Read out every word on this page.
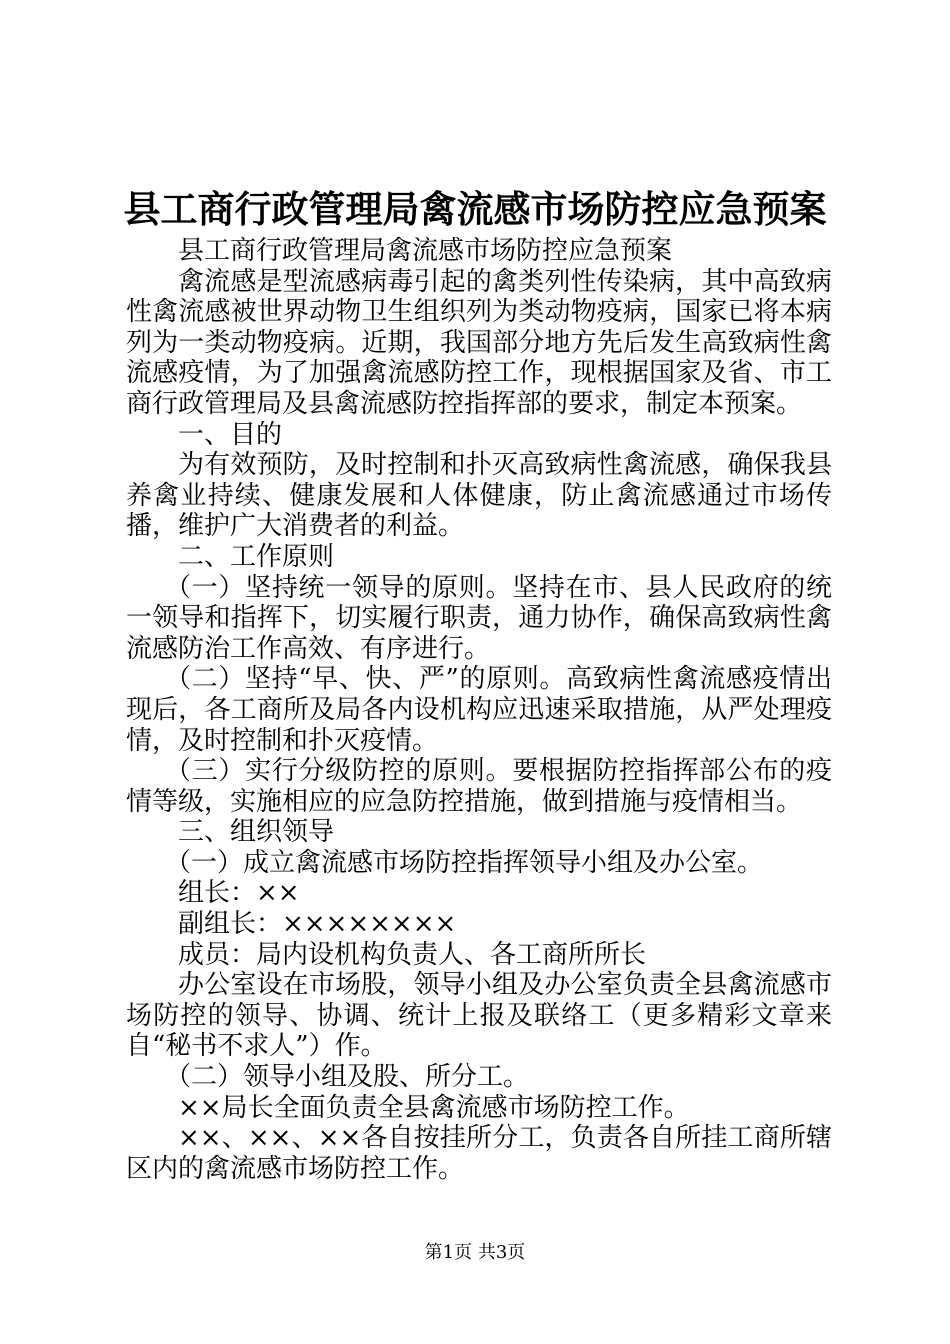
县工商行政管理局禽流感市场防控应急预案

县工商行政管理局禽流感市场防控应急预案

禽流感是型流感病毒引起的禽类列性传染病，其中高致病性禽流感被世界动物卫生组织列为类动物疫病，国家已将本病列为一类动物疫病。近期，我国部分地方先后发生高致病性禽流感疫情，为了加强禽流感防控工作，现根据国家及省、市工商行政管理局及县禽流感防控指挥部的要求，制定本预案。

一、目的

为有效预防，及时控制和扑灭高致病性禽流感，确保我县养禽业持续、健康发展和人体健康，防止禽流感通过市场传播，维护广大消费者的利益。

二、工作原则

（一）坚持统一领导的原则。坚持在市、县人民政府的统一领导和指挥下，切实履行职责，通力协作，确保高致病性禽流感防治工作高效、有序进行。

（二）坚持“早、快、严”的原则。高致病性禽流感疫情出现后，各工商所及局各内设机构应迅速采取措施，从严处理疫情，及时控制和扑灭疫情。

（三）实行分级防控的原则。要根据防控指挥部公布的疫情等级，实施相应的应急防控措施，做到措施与疫情相当。

三、组织领导

（一）成立禽流感市场防控指挥领导小组及办公室。

组长：××

副组长：××××××××

成员：局内设机构负责人、各工商所所长

办公室设在市场股，领导小组及办公室负责全县禽流感市场防控的领导、协调、统计上报及联络工（更多精彩文章来自“秘书不求人”）作。

（二）领导小组及股、所分工。

××局长全面负责全县禽流感市场防控工作。

××、××、××各自按挂所分工，负责各自所挂工商所辖区内的禽流感市场防控工作。

第1页 共3页
